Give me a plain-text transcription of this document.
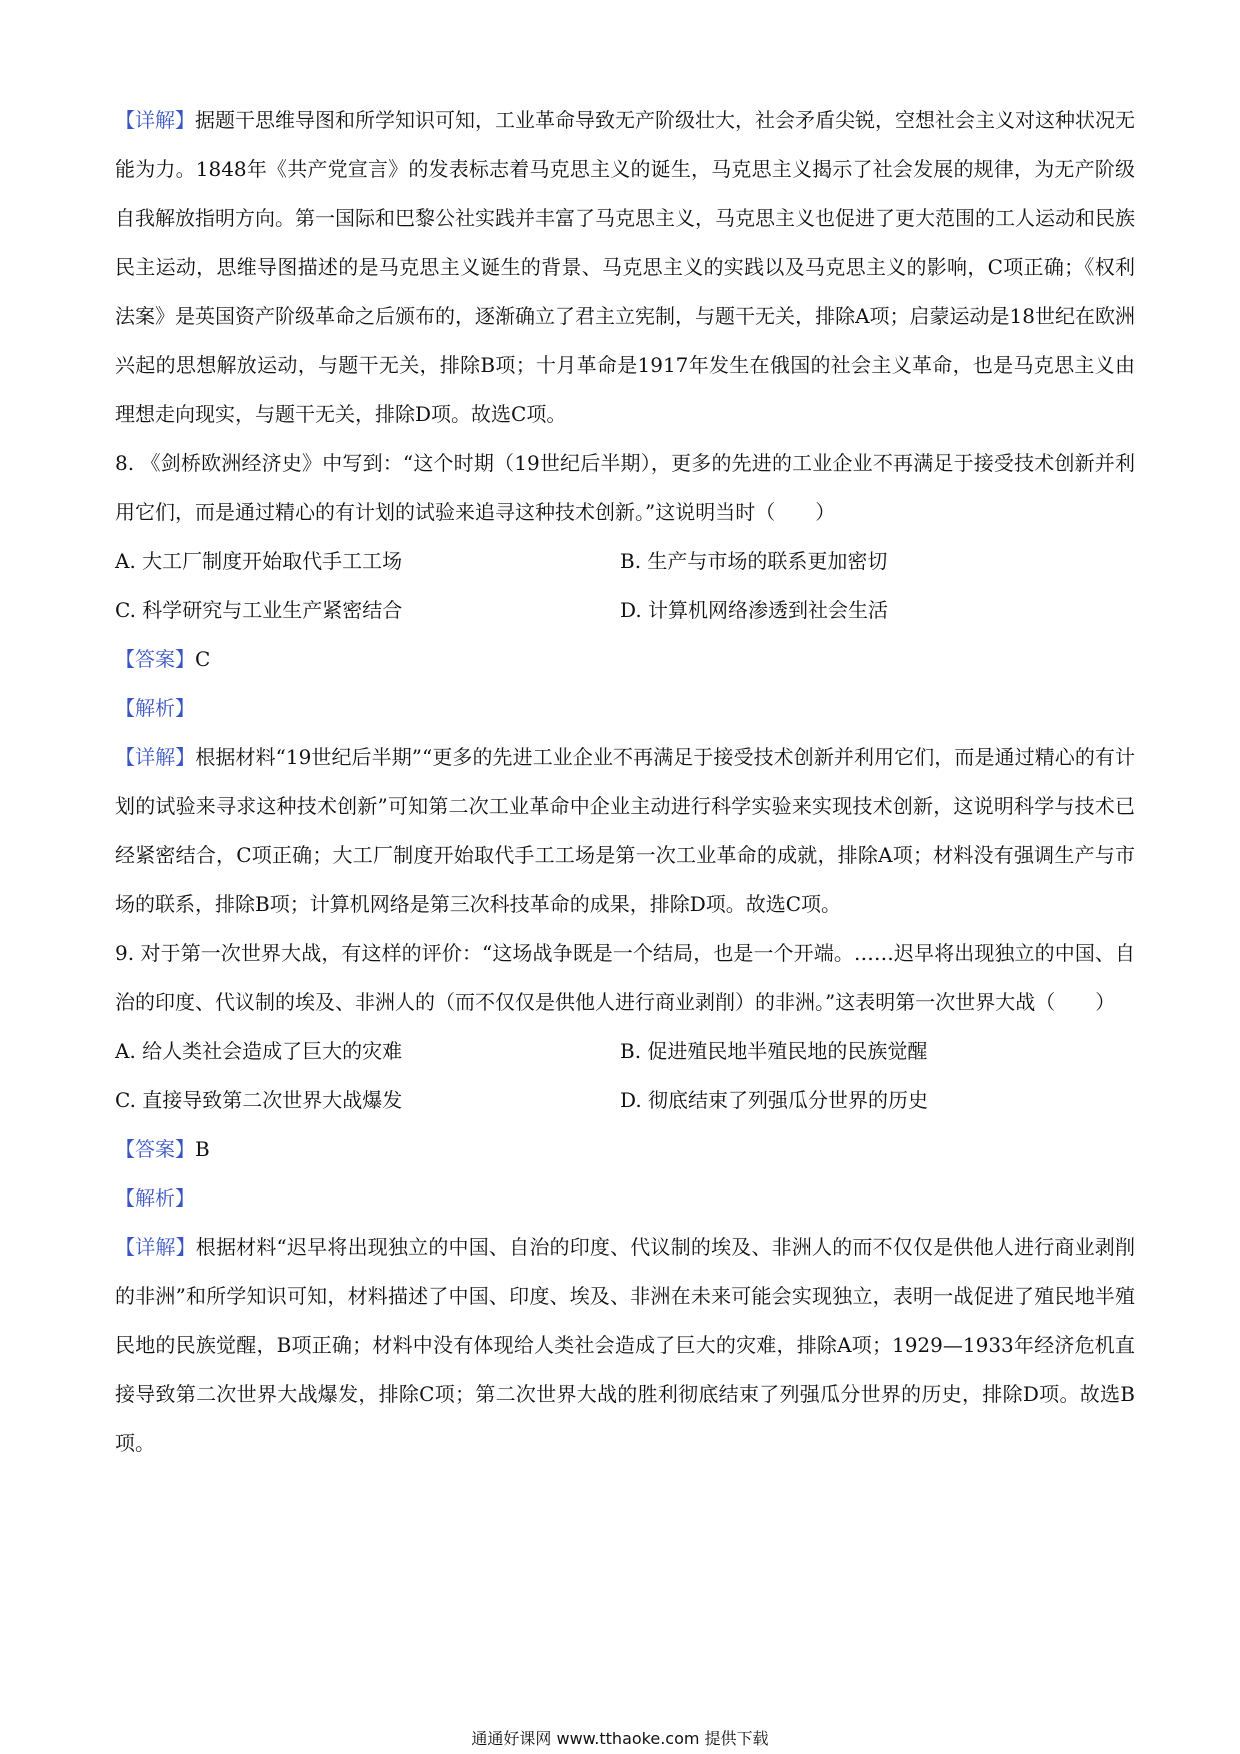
【详解】据题干思维导图和所学知识可知，工业革命导致无产阶级壮大，社会矛盾尖锐，空想社会主义对这种状况无能为力。1848年《共产党宣言》的发表标志着马克思主义的诞生，马克思主义揭示了社会发展的规律，为无产阶级自我解放指明方向。第一国际和巴黎公社实践并丰富了马克思主义，马克思主义也促进了更大范围的工人运动和民族民主运动，思维导图描述的是马克思主义诞生的背景、马克思主义的实践以及马克思主义的影响，C项正确；《权利法案》是英国资产阶级革命之后颁布的，逐渐确立了君主立宪制，与题干无关，排除A项；启蒙运动是18世纪在欧洲兴起的思想解放运动，与题干无关，排除B项；十月革命是1917年发生在俄国的社会主义革命，也是马克思主义由理想走向现实，与题干无关，排除D项。故选C项。

8. 《剑桥欧洲经济史》中写到：“这个时期（19世纪后半期），更多的先进的工业企业不再满足于接受技术创新并利用它们，而是通过精心的有计划的试验来追寻这种技术创新。”这说明当时（　　）

A. 大工厂制度开始取代手工工场	B. 生产与市场的联系更加密切
C. 科学研究与工业生产紧密结合	D. 计算机网络渗透到社会生活

【答案】C

【解析】

【详解】根据材料“19世纪后半期”“更多的先进工业企业不再满足于接受技术创新并利用它们，而是通过精心的有计划的试验来寻求这种技术创新”可知第二次工业革命中企业主动进行科学实验来实现技术创新，这说明科学与技术已经紧密结合，C项正确；大工厂制度开始取代手工工场是第一次工业革命的成就，排除A项；材料没有强调生产与市场的联系，排除B项；计算机网络是第三次科技革命的成果，排除D项。故选C项。

9. 对于第一次世界大战，有这样的评价：“这场战争既是一个结局，也是一个开端。……迟早将出现独立的中国、自治的印度、代议制的埃及、非洲人的（而不仅仅是供他人进行商业剥削）的非洲。”这表明第一次世界大战（　　）

A. 给人类社会造成了巨大的灾难	B. 促进殖民地半殖民地的民族觉醒
C. 直接导致第二次世界大战爆发	D. 彻底结束了列强瓜分世界的历史

【答案】B

【解析】

【详解】根据材料“迟早将出现独立的中国、自治的印度、代议制的埃及、非洲人的而不仅仅是供他人进行商业剥削的非洲”和所学知识可知，材料描述了中国、印度、埃及、非洲在未来可能会实现独立，表明一战促进了殖民地半殖民地的民族觉醒，B项正确；材料中没有体现给人类社会造成了巨大的灾难，排除A项；1929—1933年经济危机直接导致第二次世界大战爆发，排除C项；第二次世界大战的胜利彻底结束了列强瓜分世界的历史，排除D项。故选B项。

通通好课网 www.tthaoke.com 提供下载
